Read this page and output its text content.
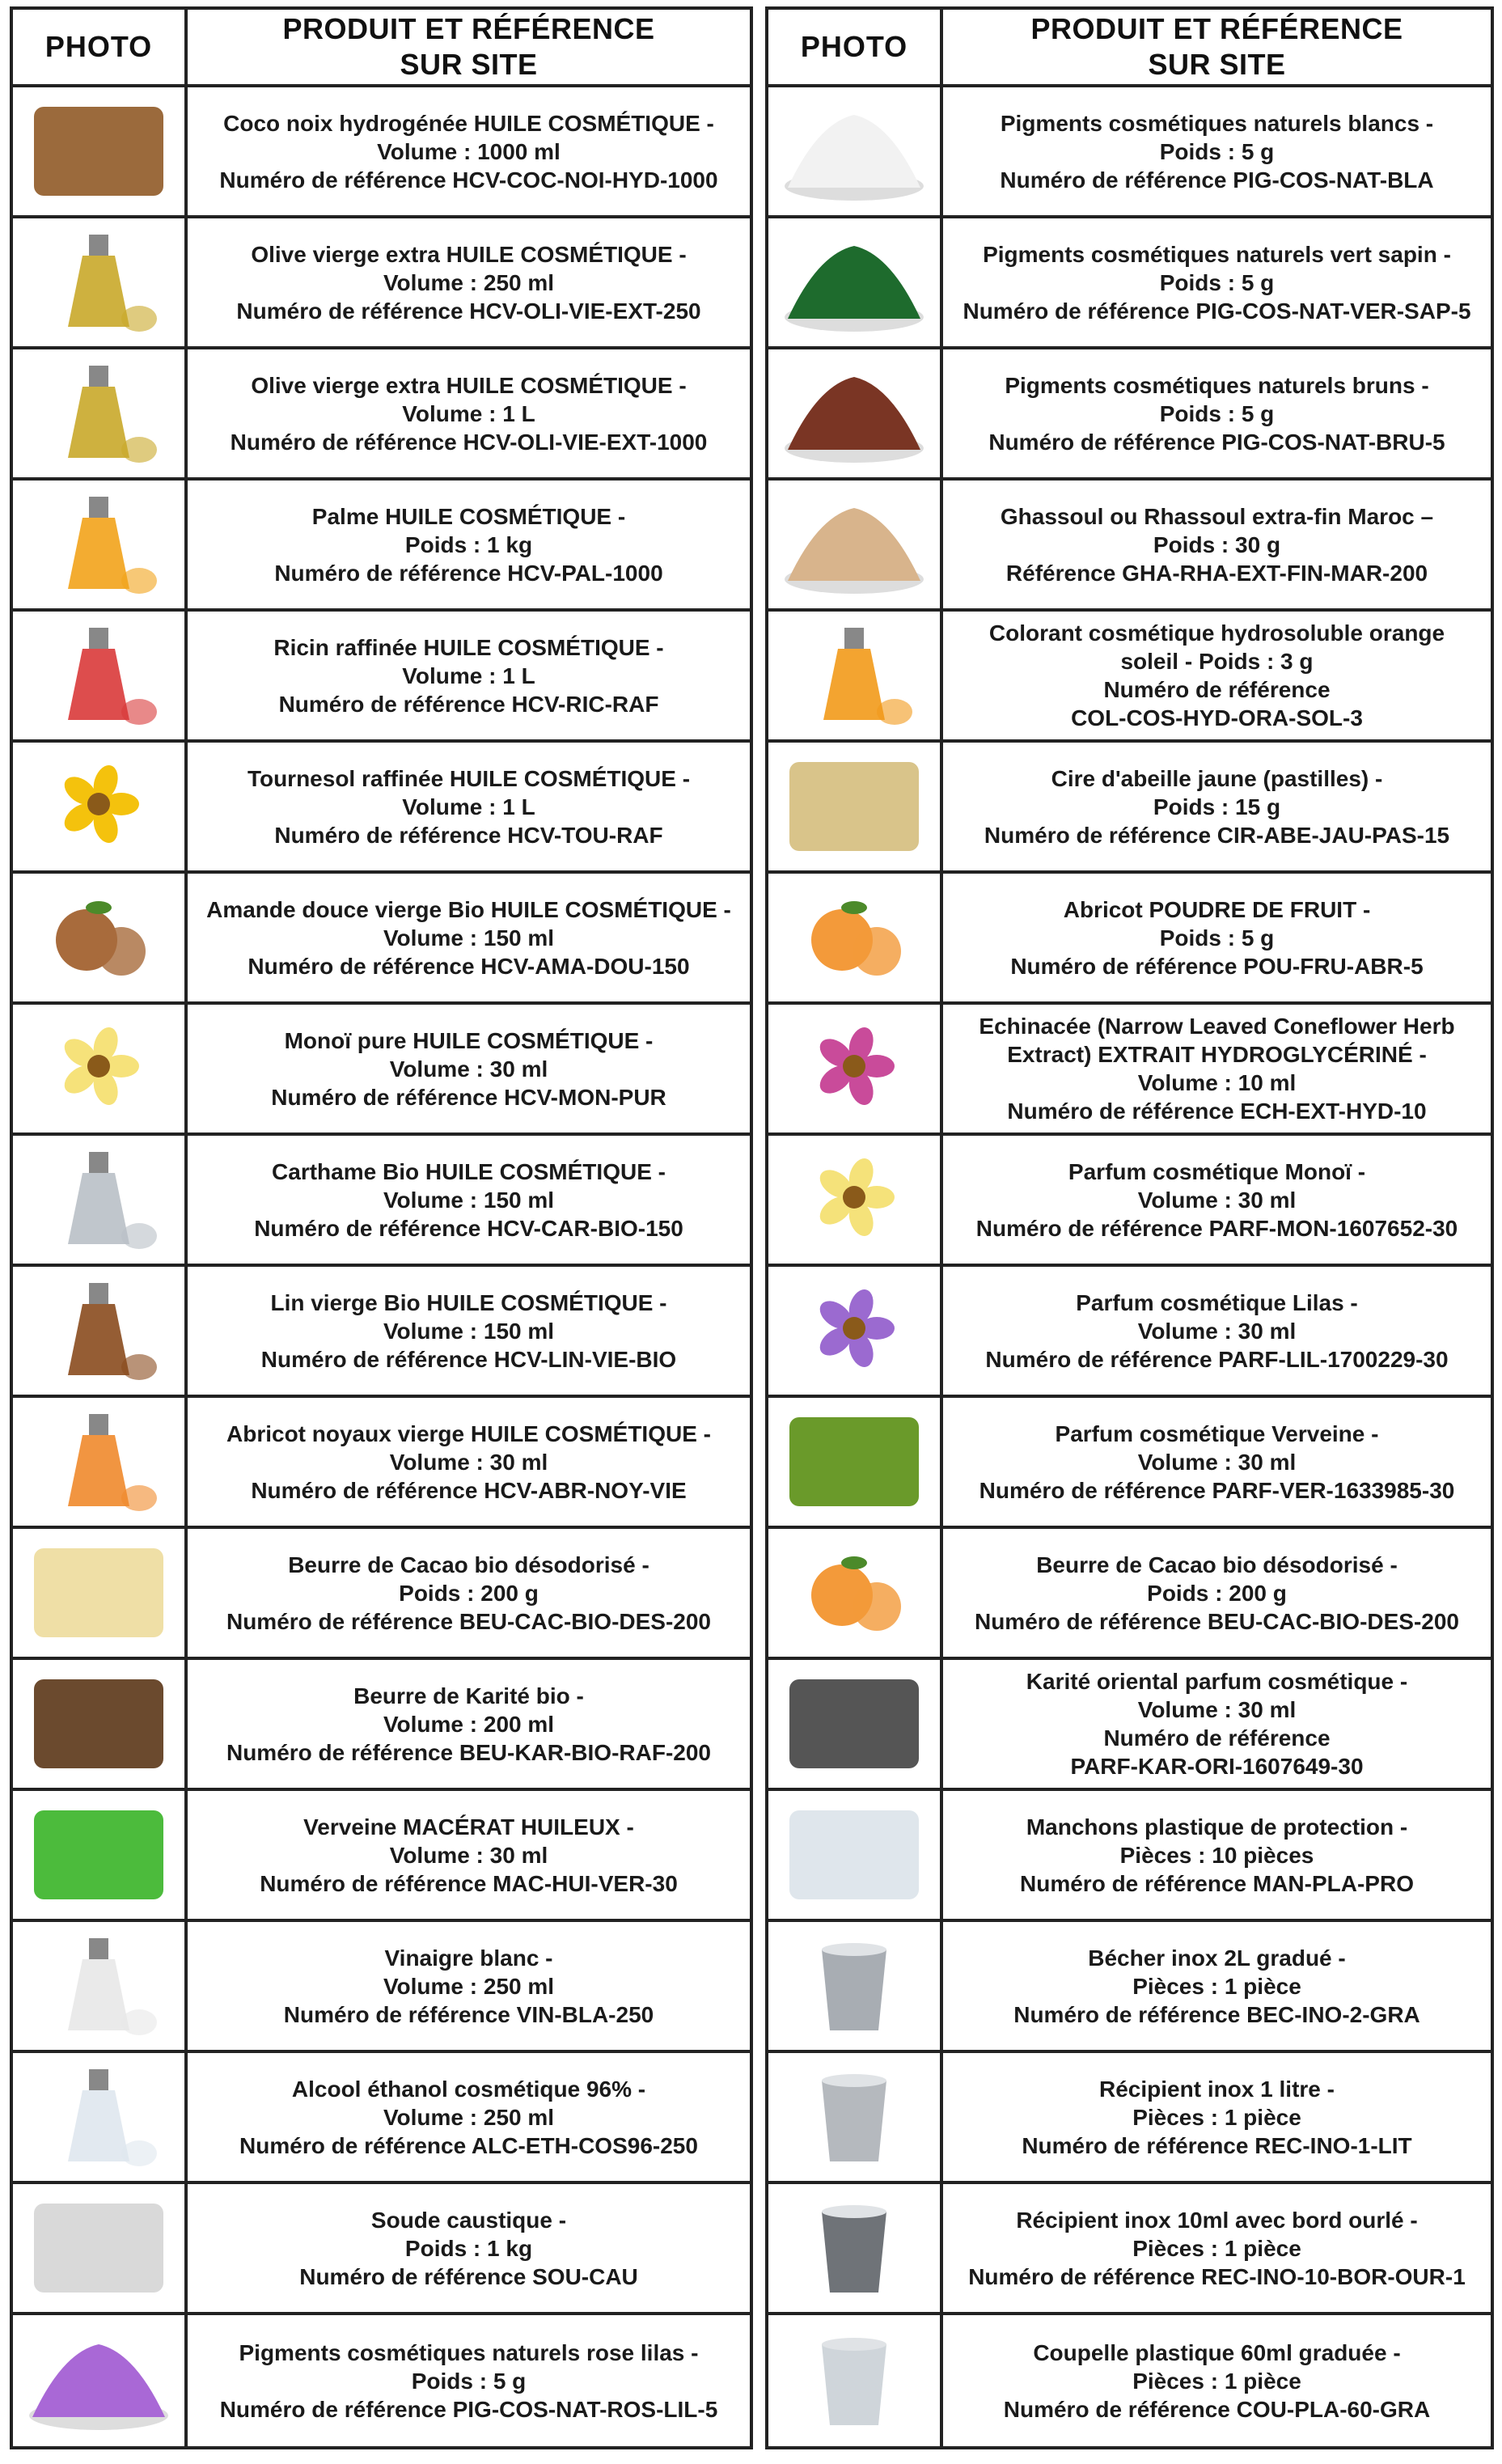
PHOTO
PRODUIT ET RÉFÉRENCE
SUR SITE
Coco noix hydrogénée HUILE COSMÉTIQUE -
Volume : 1000 ml
Numéro de référence HCV-COC-NOI-HYD-1000
Olive vierge extra HUILE COSMÉTIQUE -
Volume : 250 ml
Numéro de référence HCV-OLI-VIE-EXT-250
Olive vierge extra HUILE COSMÉTIQUE -
Volume : 1 L
Numéro de référence HCV-OLI-VIE-EXT-1000
Palme HUILE COSMÉTIQUE -
Poids : 1 kg
Numéro de référence HCV-PAL-1000
Ricin raffinée HUILE COSMÉTIQUE -
Volume : 1 L
Numéro de référence HCV-RIC-RAF
Tournesol raffinée HUILE COSMÉTIQUE -
Volume : 1 L
Numéro de référence HCV-TOU-RAF
Amande douce vierge Bio HUILE COSMÉTIQUE -
Volume : 150 ml
Numéro de référence HCV-AMA-DOU-150
Monoï pure HUILE COSMÉTIQUE -
Volume : 30 ml
Numéro de référence HCV-MON-PUR
Carthame Bio HUILE COSMÉTIQUE -
Volume : 150 ml
Numéro de référence HCV-CAR-BIO-150
Lin vierge Bio HUILE COSMÉTIQUE -
Volume : 150 ml
Numéro de référence HCV-LIN-VIE-BIO
Abricot noyaux vierge HUILE COSMÉTIQUE -
Volume : 30 ml
Numéro de référence HCV-ABR-NOY-VIE
Beurre de Cacao bio désodorisé -
Poids : 200 g
Numéro de référence BEU-CAC-BIO-DES-200
Beurre de Karité bio -
Volume : 200 ml
Numéro de référence BEU-KAR-BIO-RAF-200
Verveine MACÉRAT HUILEUX -
Volume : 30 ml
Numéro de référence MAC-HUI-VER-30
Vinaigre blanc -
Volume : 250 ml
Numéro de référence VIN-BLA-250
Alcool éthanol cosmétique 96% -
Volume : 250 ml
Numéro de référence ALC-ETH-COS96-250
Soude caustique -
Poids : 1 kg
Numéro de référence SOU-CAU
Pigments cosmétiques naturels rose lilas -
Poids : 5 g
Numéro de référence PIG-COS-NAT-ROS-LIL-5
PHOTO
PRODUIT ET RÉFÉRENCE
SUR SITE
Pigments cosmétiques naturels blancs -
Poids : 5 g
Numéro de référence PIG-COS-NAT-BLA
Pigments cosmétiques naturels vert sapin -
Poids : 5 g
Numéro de référence PIG-COS-NAT-VER-SAP-5
Pigments cosmétiques naturels bruns -
Poids : 5 g
Numéro de référence PIG-COS-NAT-BRU-5
Ghassoul ou Rhassoul extra-fin Maroc –
Poids : 30 g
Référence GHA-RHA-EXT-FIN-MAR-200
Colorant cosmétique hydrosoluble orange
soleil - Poids : 3 g
Numéro de référence
COL-COS-HYD-ORA-SOL-3
Cire d'abeille jaune (pastilles) -
Poids : 15 g
Numéro de référence CIR-ABE-JAU-PAS-15
Abricot POUDRE DE FRUIT -
Poids : 5 g
Numéro de référence POU-FRU-ABR-5
Echinacée (Narrow Leaved Coneflower Herb
Extract) EXTRAIT HYDROGLYCÉRINÉ -
Volume : 10 ml
Numéro de référence ECH-EXT-HYD-10
Parfum cosmétique Monoï -
Volume : 30 ml
Numéro de référence PARF-MON-1607652-30
Parfum cosmétique Lilas -
Volume : 30 ml
Numéro de référence PARF-LIL-1700229-30
Parfum cosmétique Verveine -
Volume : 30 ml
Numéro de référence PARF-VER-1633985-30
Beurre de Cacao bio désodorisé -
Poids : 200 g
Numéro de référence BEU-CAC-BIO-DES-200
Karité oriental parfum cosmétique -
Volume : 30 ml
Numéro de référence
PARF-KAR-ORI-1607649-30
Manchons plastique de protection -
Pièces : 10 pièces
Numéro de référence MAN-PLA-PRO
Bécher inox 2L gradué -
Pièces : 1 pièce
Numéro de référence BEC-INO-2-GRA
Récipient inox 1 litre -
Pièces : 1 pièce
Numéro de référence REC-INO-1-LIT
Récipient inox 10ml avec bord ourlé -
Pièces : 1 pièce
Numéro de référence REC-INO-10-BOR-OUR-1
Coupelle plastique 60ml graduée -
Pièces : 1 pièce
Numéro de référence COU-PLA-60-GRA
